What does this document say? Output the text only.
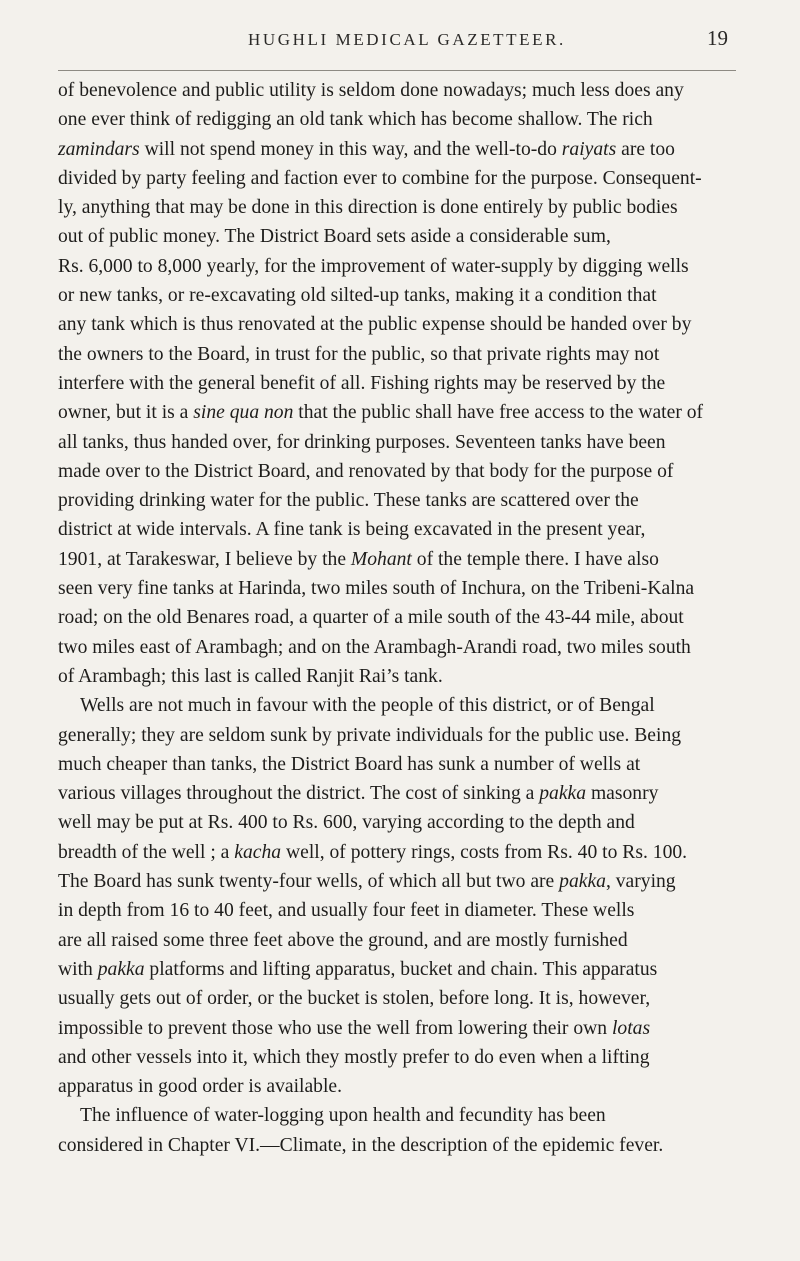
HUGHLI MEDICAL GAZETTEER.	19
of benevolence and public utility is seldom done nowadays; much less does any
one ever think of redigging an old tank which has become shallow. The rich
zamindars will not spend money in this way, and the well-to-do raiyats are too
divided by party feeling and faction ever to combine for the purpose. Consequent-
ly, anything that may be done in this direction is done entirely by public bodies
out of public money. The District Board sets aside a considerable sum,
Rs. 6,000 to 8,000 yearly, for the improvement of water-supply by digging wells
or new tanks, or re-excavating old silted-up tanks, making it a condition that
any tank which is thus renovated at the public expense should be handed over by
the owners to the Board, in trust for the public, so that private rights may not
interfere with the general benefit of all. Fishing rights may be reserved by the
owner, but it is a sine qua non that the public shall have free access to the water of
all tanks, thus handed over, for drinking purposes. Seventeen tanks have been
made over to the District Board, and renovated by that body for the purpose of
providing drinking water for the public. These tanks are scattered over the
district at wide intervals. A fine tank is being excavated in the present year,
1901, at Tarakeswar, I believe by the Mohant of the temple there. I have also
seen very fine tanks at Harinda, two miles south of Inchura, on the Tribeni-Kalna
road; on the old Benares road, a quarter of a mile south of the 43-44 mile, about
two miles east of Arambagh; and on the Arambagh-Arandi road, two miles south
of Arambagh; this last is called Ranjit Rai’s tank.
Wells are not much in favour with the people of this district, or of Bengal
generally; they are seldom sunk by private individuals for the public use. Being
much cheaper than tanks, the District Board has sunk a number of wells at
various villages throughout the district. The cost of sinking a pakka masonry
well may be put at Rs. 400 to Rs. 600, varying according to the depth and
breadth of the well ; a kacha well, of pottery rings, costs from Rs. 40 to Rs. 100.
The Board has sunk twenty-four wells, of which all but two are pakka, varying
in depth from 16 to 40 feet, and usually four feet in diameter. These wells
are all raised some three feet above the ground, and are mostly furnished
with pakka platforms and lifting apparatus, bucket and chain. This apparatus
usually gets out of order, or the bucket is stolen, before long. It is, however,
impossible to prevent those who use the well from lowering their own lotas
and other vessels into it, which they mostly prefer to do even when a lifting
apparatus in good order is available.
The influence of water-logging upon health and fecundity has been
considered in Chapter VI.—Climate, in the description of the epidemic fever.
